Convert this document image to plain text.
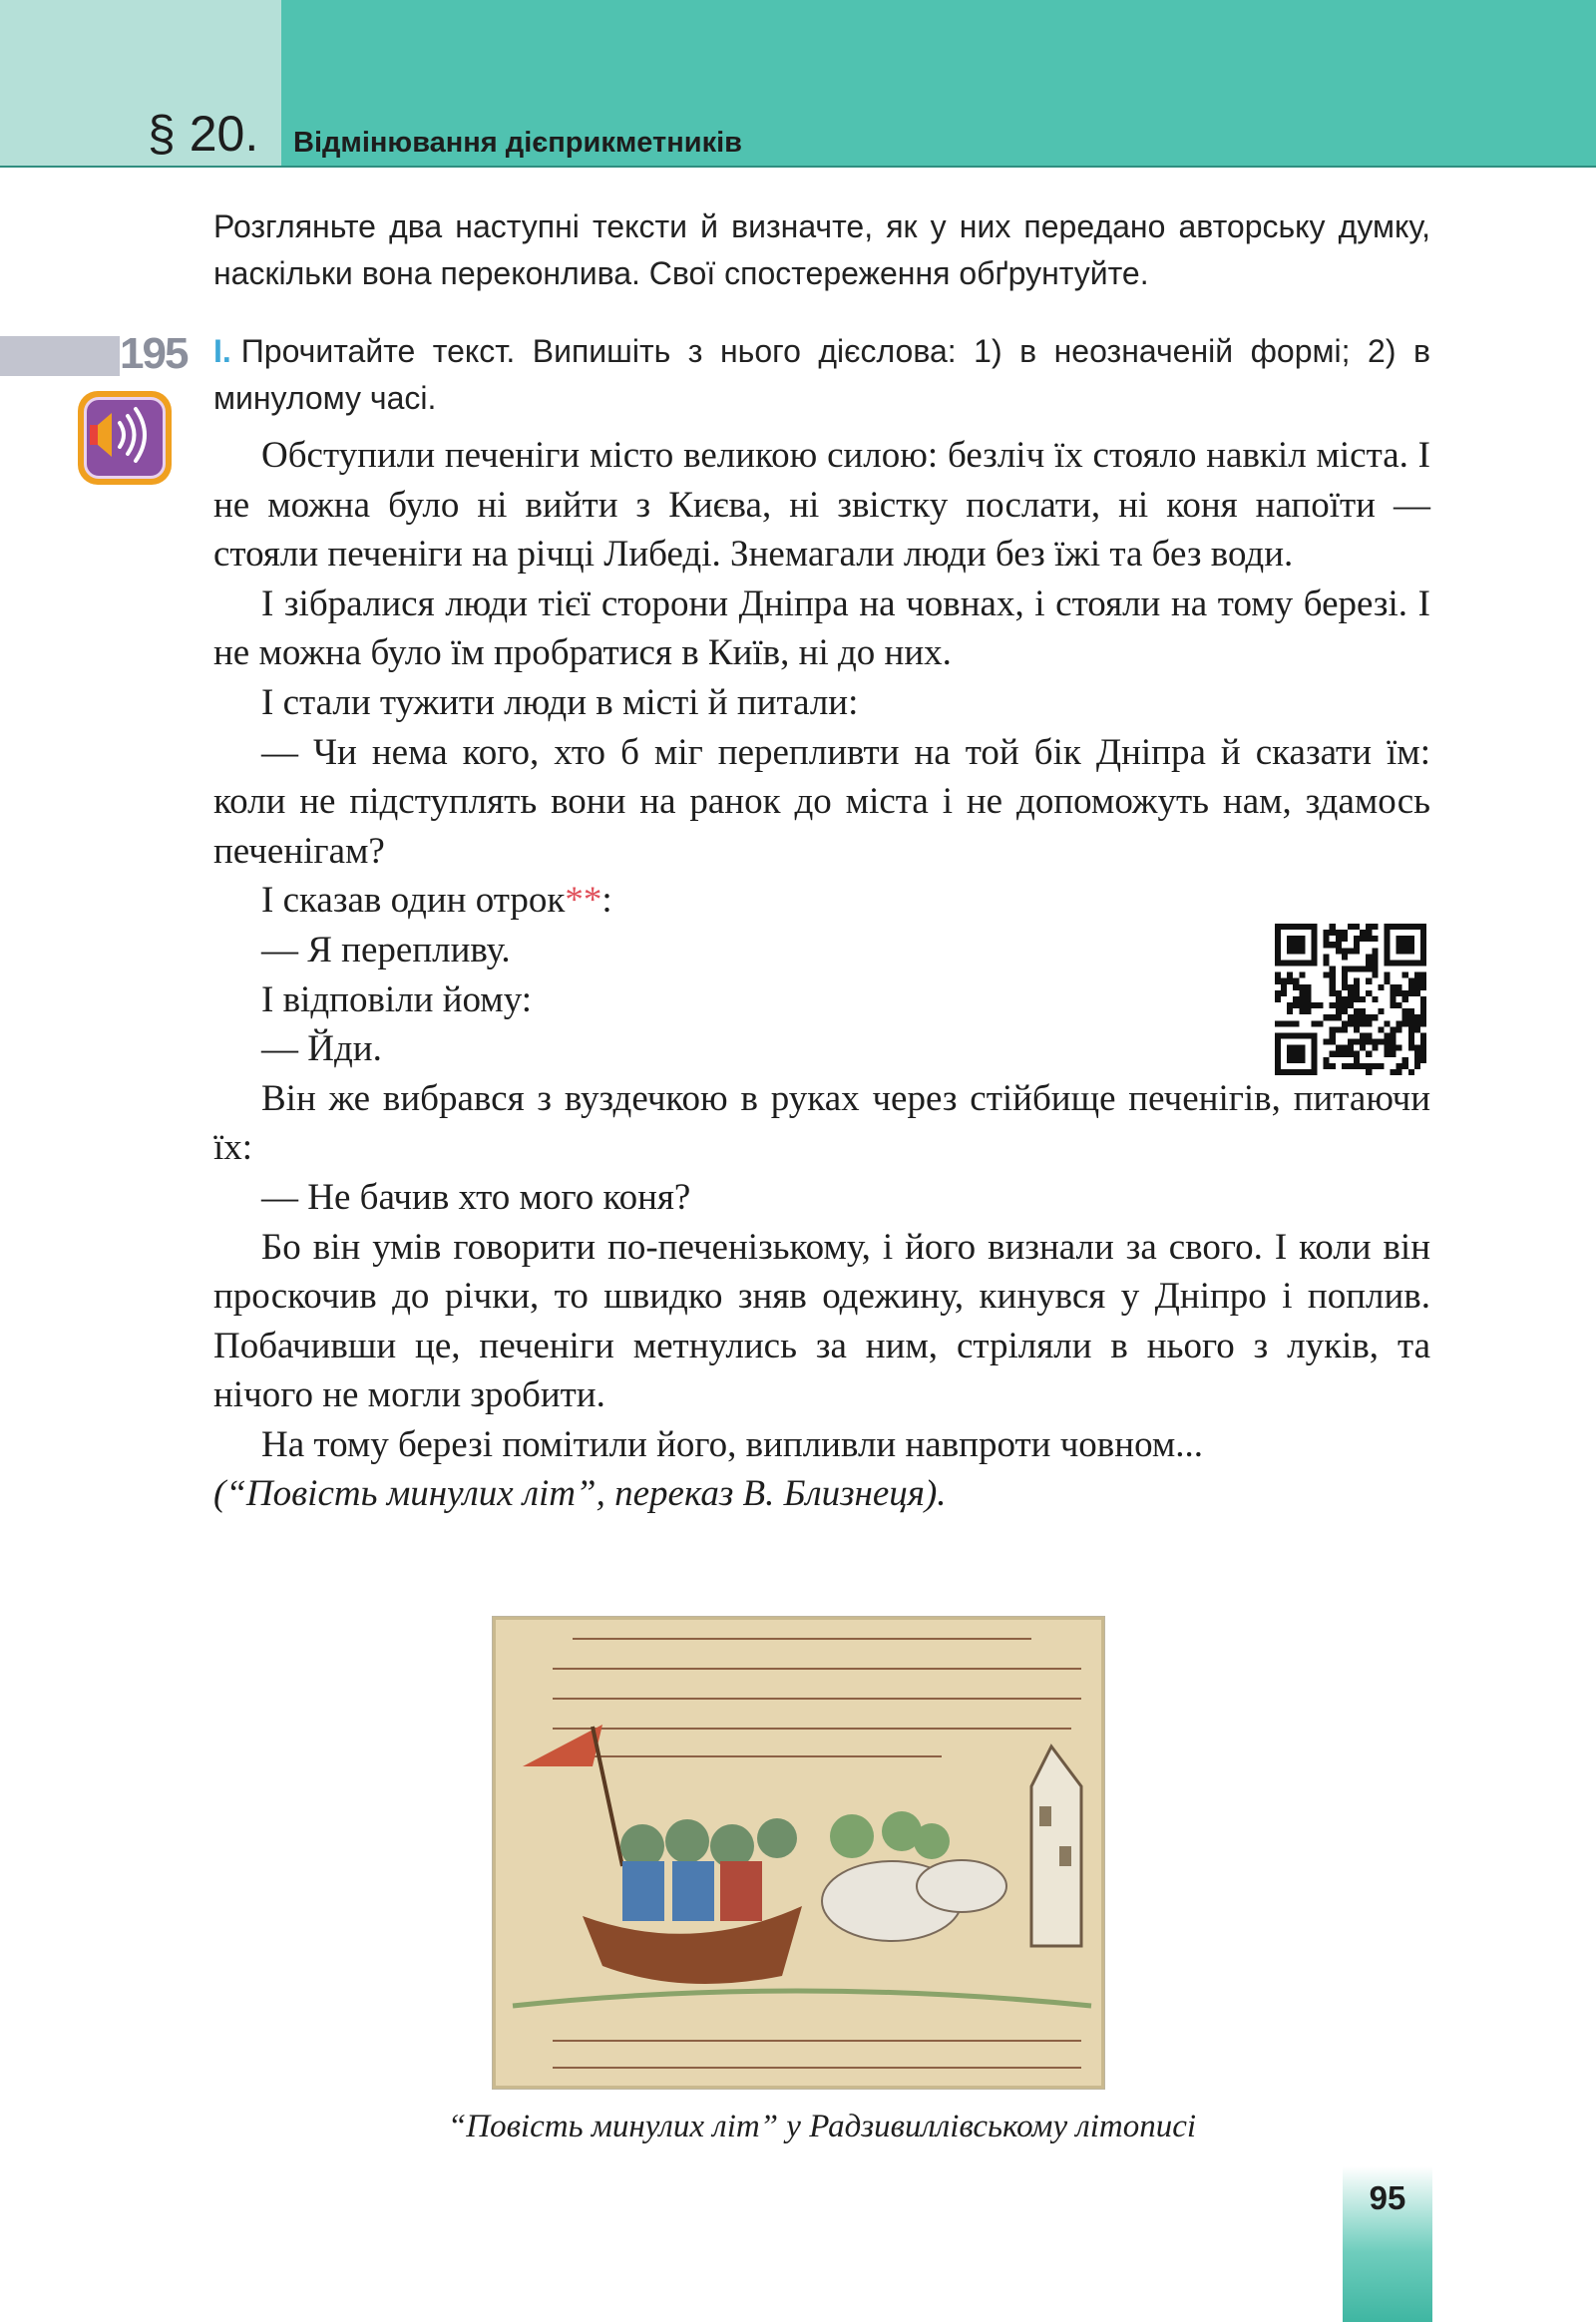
§ 20. Відмінювання дієприкметників
Розгляньте два наступні тексти й визначте, як у них передано авторську думку, наскільки вона переконлива. Свої спостереження обґрунтуйте.
195 І. Прочитайте текст. Випишіть з нього дієслова: 1) в неозначеній формі; 2) в минулому часі.

Обступили печеніги місто великою силою: безліч їх стояло навкіл міста. І не можна було ні вийти з Києва, ні звістку послати, ні коня напоїти — стояли печеніги на річці Либеді. Знемагали люди без їжі та без води.

І зібралися люди тієї сторони Дніпра на човнах, і стояли на тому березі. І не можна було їм пробратися в Київ, ні до них.

І стали тужити люди в місті й питали:

— Чи нема кого, хто б міг перепливти на той бік Дніпра й сказати їм: коли не підступлять вони на ранок до міста і не допоможуть нам, здамось печенігам?

І сказав один отрок**:

— Я перепливу.

І відповіли йому:

— Йди.

Він же вибрався з вуздечкою в руках через стійбище печенігів, питаючи їх:

— Не бачив хто мого коня?

Бо він умів говорити по-печенізькому, і його визнали за свого. І коли він проскочив до річки, то швидко зняв одежину, кинувся у Дніпро і поплив. Побачивши це, печеніги метнулись за ним, стріляли в нього з луків, та нічого не могли зробити.

На тому березі помітили його, випливли навпроти човном...

(“Повість минулих літ”, переказ В. Близнеця).

“Повість минулих літ” у Радзивиллівському літописі
95
